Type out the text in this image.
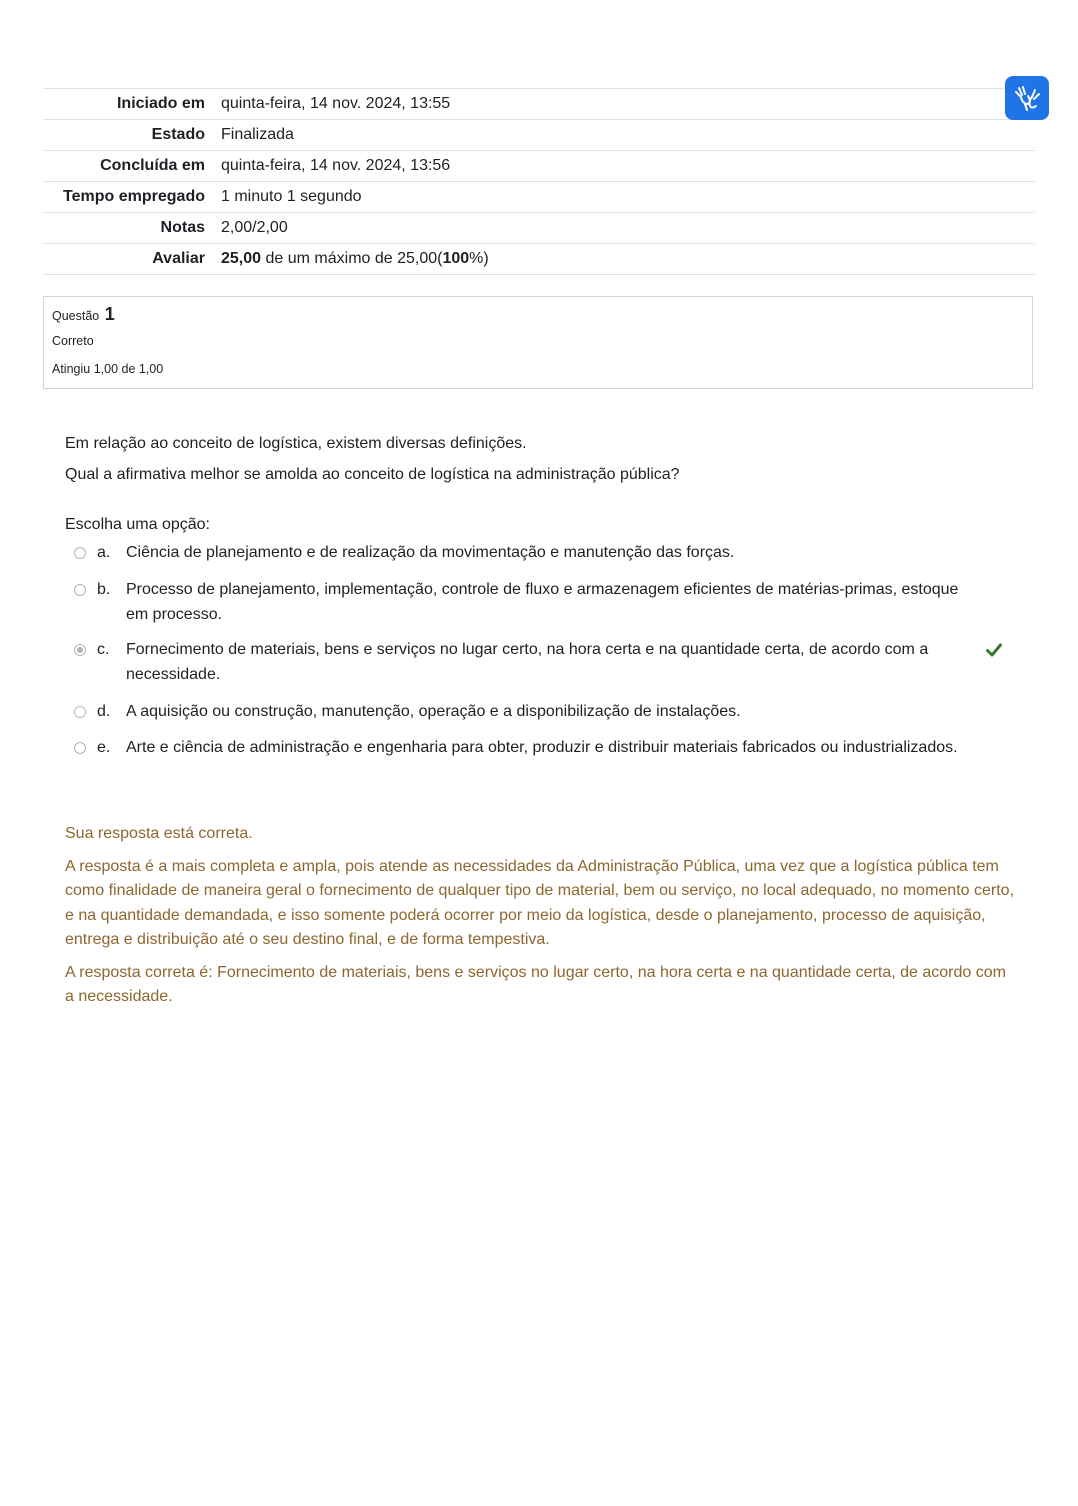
Iniciado em	quinta-feira, 14 nov. 2024, 13:55
Estado	Finalizada
Concluída em	quinta-feira, 14 nov. 2024, 13:56
Tempo empregado	1 minuto 1 segundo
Notas	2,00/2,00
Avaliar	25,00 de um máximo de 25,00(100%)
Questão 1
Correto
Atingiu 1,00 de 1,00

Em relação ao conceito de logística, existem diversas definições.

Qual a afirmativa melhor se amolda ao conceito de logística na administração pública?

Escolha uma opção:
a. Ciência de planejamento e de realização da movimentação e manutenção das forças.
b. Processo de planejamento, implementação, controle de fluxo e armazenagem eficientes de matérias-primas, estoque em processo.
c. Fornecimento de materiais, bens e serviços no lugar certo, na hora certa e na quantidade certa, de acordo com a necessidade.
d. A aquisição ou construção, manutenção, operação e a disponibilização de instalações.
e. Arte e ciência de administração e engenharia para obter, produzir e distribuir materiais fabricados ou industrializados.

Sua resposta está correta.

A resposta é a mais completa e ampla, pois atende as necessidades da Administração Pública, uma vez que a logística pública tem como finalidade de maneira geral o fornecimento de qualquer tipo de material, bem ou serviço, no local adequado, no momento certo, e na quantidade demandada, e isso somente poderá ocorrer por meio da logística, desde o planejamento, processo de aquisição, entrega e distribuição até o seu destino final, e de forma tempestiva.

A resposta correta é: Fornecimento de materiais, bens e serviços no lugar certo, na hora certa e na quantidade certa, de acordo com a necessidade.
